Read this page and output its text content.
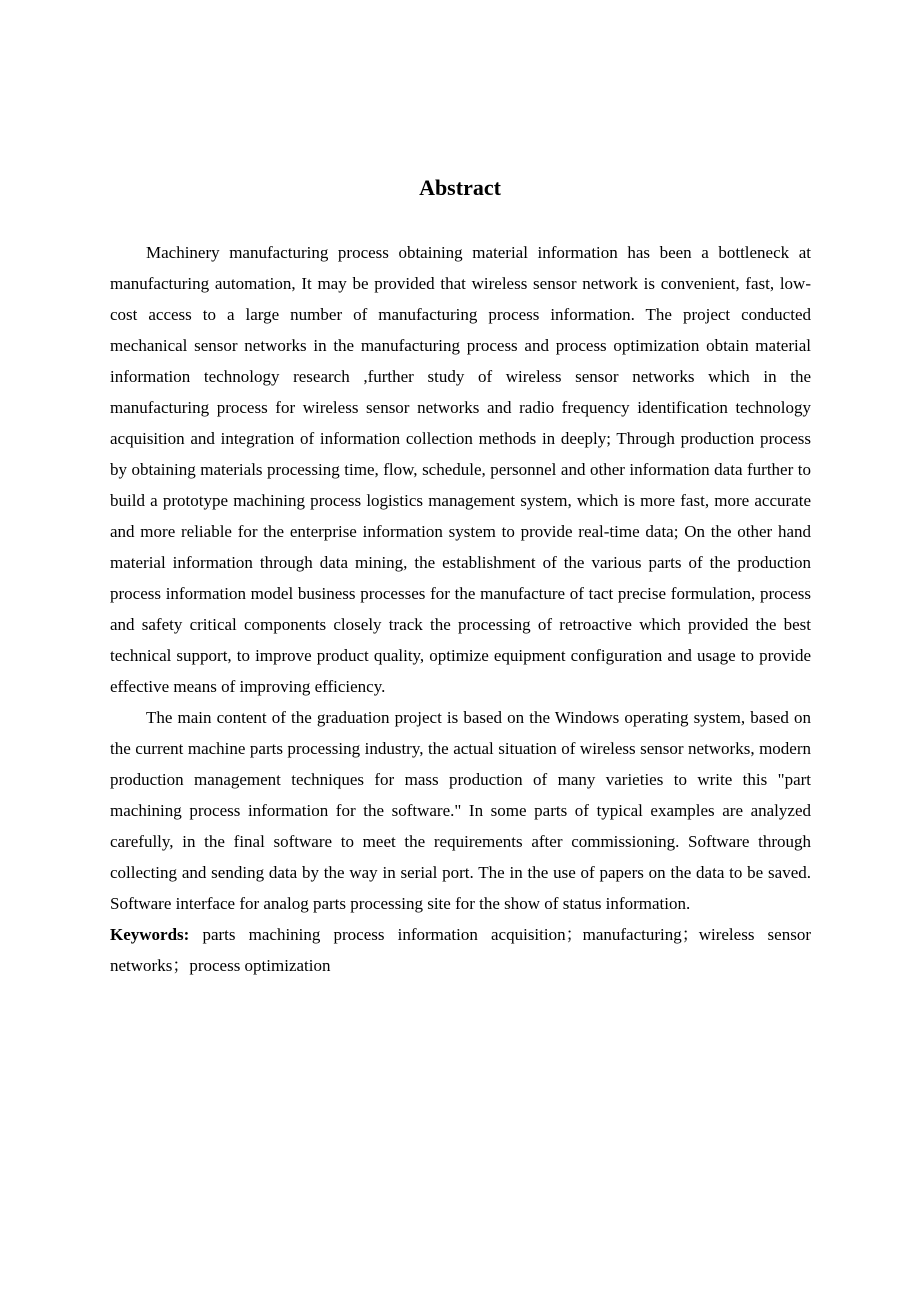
Abstract

Machinery manufacturing process obtaining material information has been a bottleneck at manufacturing automation, It may be provided that wireless sensor network is convenient, fast, low-cost access to a large number of manufacturing process information. The project conducted mechanical sensor networks in the manufacturing process and process optimization obtain material information technology research ,further study of wireless sensor networks which in the manufacturing process for wireless sensor networks and radio frequency identification technology acquisition and integration of information collection methods in deeply; Through production process by obtaining materials processing time, flow, schedule, personnel and other information data further to build a prototype machining process logistics management system, which is more fast, more accurate and more reliable for the enterprise information system to provide real-time data; On the other hand material information through data mining, the establishment of the various parts of the production process information model business processes for the manufacture of tact precise formulation, process and safety critical components closely track the processing of retroactive which provided the best technical support, to improve product quality, optimize equipment configuration and usage to provide effective means of improving efficiency.

The main content of the graduation project is based on the Windows operating system, based on the current machine parts processing industry, the actual situation of wireless sensor networks, modern production management techniques for mass production of many varieties to write this "part machining process information for the software." In some parts of typical examples are analyzed carefully, in the final software to meet the requirements after commissioning. Software through collecting and sending data by the way in serial port. The in the use of papers on the data to be saved. Software interface for analog parts processing site for the show of status information.

Keywords: parts machining process information acquisition；manufacturing；wireless sensor networks；process optimization
